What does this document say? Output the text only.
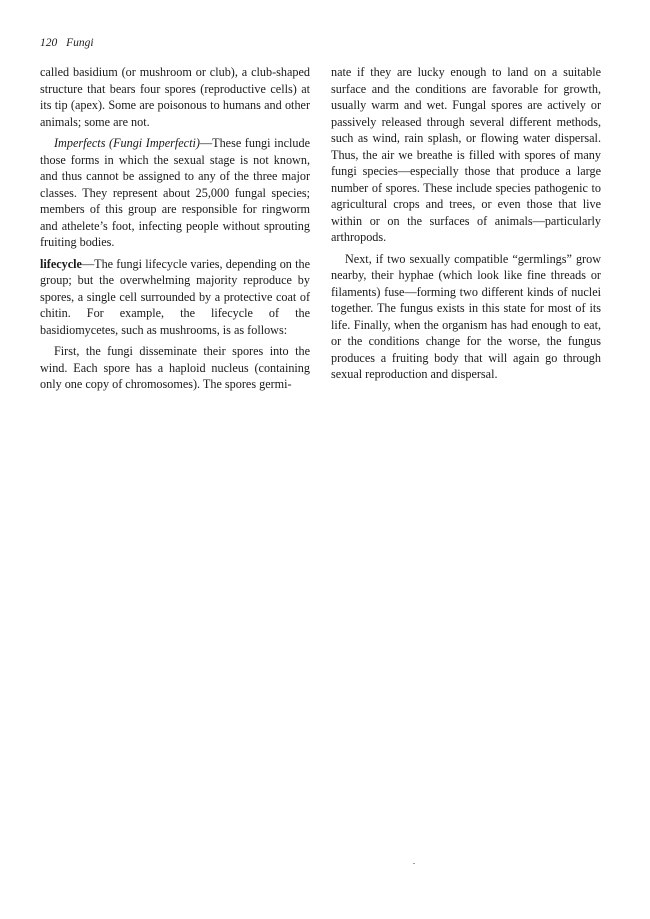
120 Fungi

called basidium (or mushroom or club), a club-shaped structure that bears four spores (reproductive cells) at its tip (apex). Some are poisonous to humans and other animals; some are not.

Imperfects (Fungi Imperfecti)—These fungi include those forms in which the sexual stage is not known, and thus cannot be assigned to any of the three major classes. They represent about 25,000 fungal species; members of this group are responsible for ringworm and athelete’s foot, infecting people without sprouting fruiting bodies.

lifecycle—The fungi lifecycle varies, depending on the group; but the overwhelming majority reproduce by spores, a single cell surrounded by a protective coat of chitin. For example, the lifecycle of the basidiomycetes, such as mushrooms, is as follows:

First, the fungi disseminate their spores into the wind. Each spore has a haploid nucleus (containing only one copy of chromosomes). The spores germi-

nate if they are lucky enough to land on a suitable surface and the conditions are favorable for growth, usually warm and wet. Fungal spores are actively or passively released through several different methods, such as wind, rain splash, or flowing water dispersal. Thus, the air we breathe is filled with spores of many fungi species—especially those that produce a large number of spores. These include species pathogenic to agricultural crops and trees, or even those that live within or on the surfaces of animals—particularly arthropods.

Next, if two sexually compatible “germlings” grow nearby, their hyphae (which look like fine threads or filaments) fuse—forming two different kinds of nuclei together. The fungus exists in this state for most of its life. Finally, when the organism has had enough to eat, or the conditions change for the worse, the fungus produces a fruiting body that will again go through sexual reproduction and dispersal.
